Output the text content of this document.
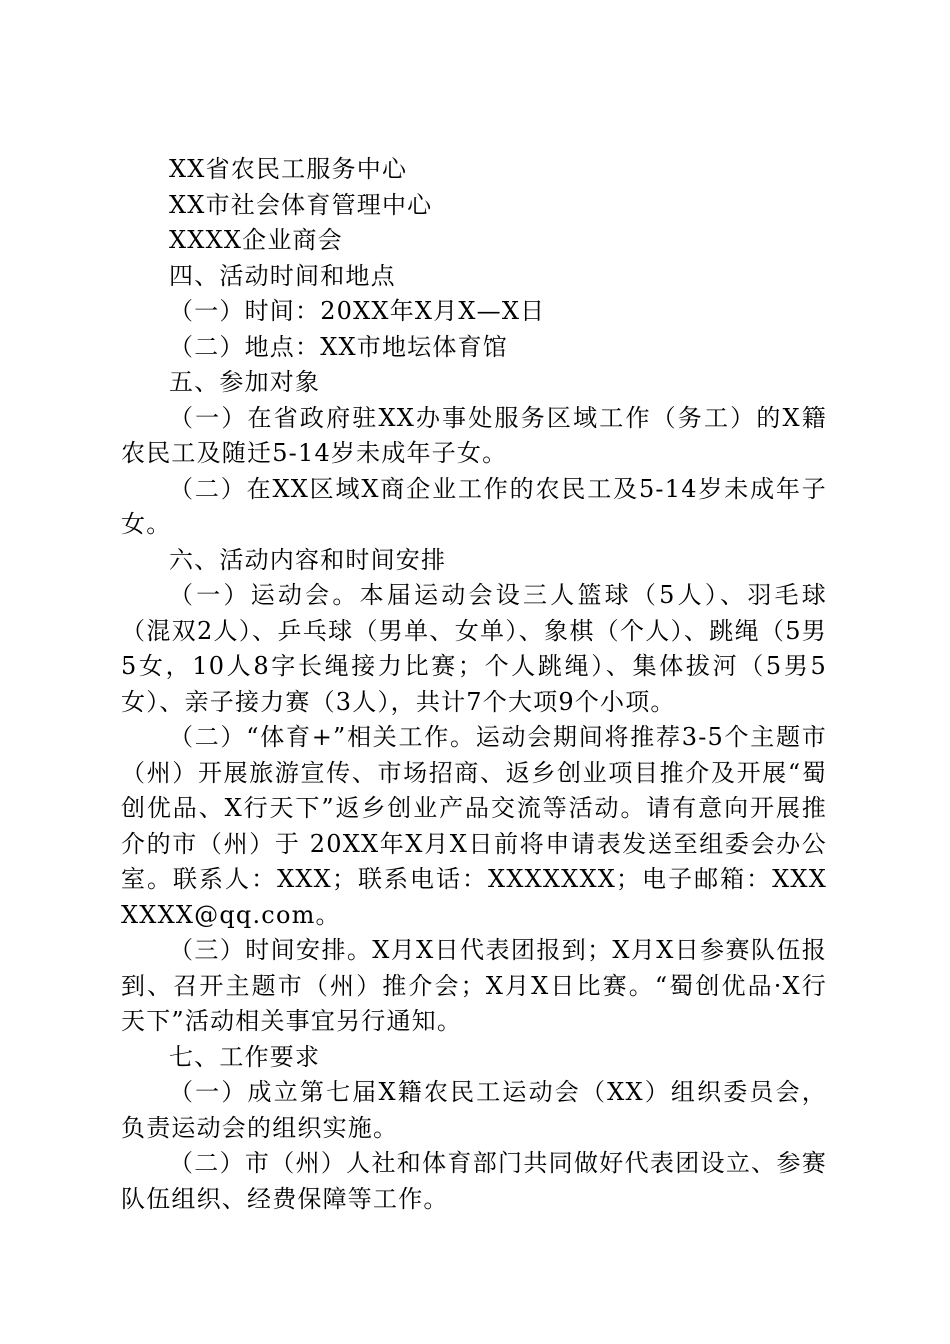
XX省农民工服务中心

XX市社会体育管理中心

XXXX企业商会

四、活动时间和地点

（一）时间：20XX年X月X—X日

（二）地点：XX市地坛体育馆

五、参加对象

（一）在省政府驻XX办事处服务区域工作（务工）的X籍农民工及随迁5-14岁未成年子女。

（二）在XX区域X商企业工作的农民工及5-14岁未成年子女。

六、活动内容和时间安排

（一）运动会。本届运动会设三人篮球（5人）、羽毛球（混双2人）、乒乓球（男单、女单）、象棋（个人）、跳绳（5男5女，10人8字长绳接力比赛；个人跳绳）、集体拔河（5男5女）、亲子接力赛（3人），共计7个大项9个小项。

（二）“体育+”相关工作。运动会期间将推荐3-5个主题市（州）开展旅游宣传、市场招商、返乡创业项目推介及开展“蜀创优品、X行天下”返乡创业产品交流等活动。请有意向开展推介的市（州）于 20XX年X月X日前将申请表发送至组委会办公室。联系人：XXX；联系电话：XXXXXXX；电子邮箱：XXXXXXX@qq.com。

（三）时间安排。X月X日代表团报到；X月X日参赛队伍报到、召开主题市（州）推介会；X月X日比赛。“蜀创优品·X行天下”活动相关事宜另行通知。

七、工作要求

（一）成立第七届X籍农民工运动会（XX）组织委员会，负责运动会的组织实施。

（二）市（州）人社和体育部门共同做好代表团设立、参赛队伍组织、经费保障等工作。
